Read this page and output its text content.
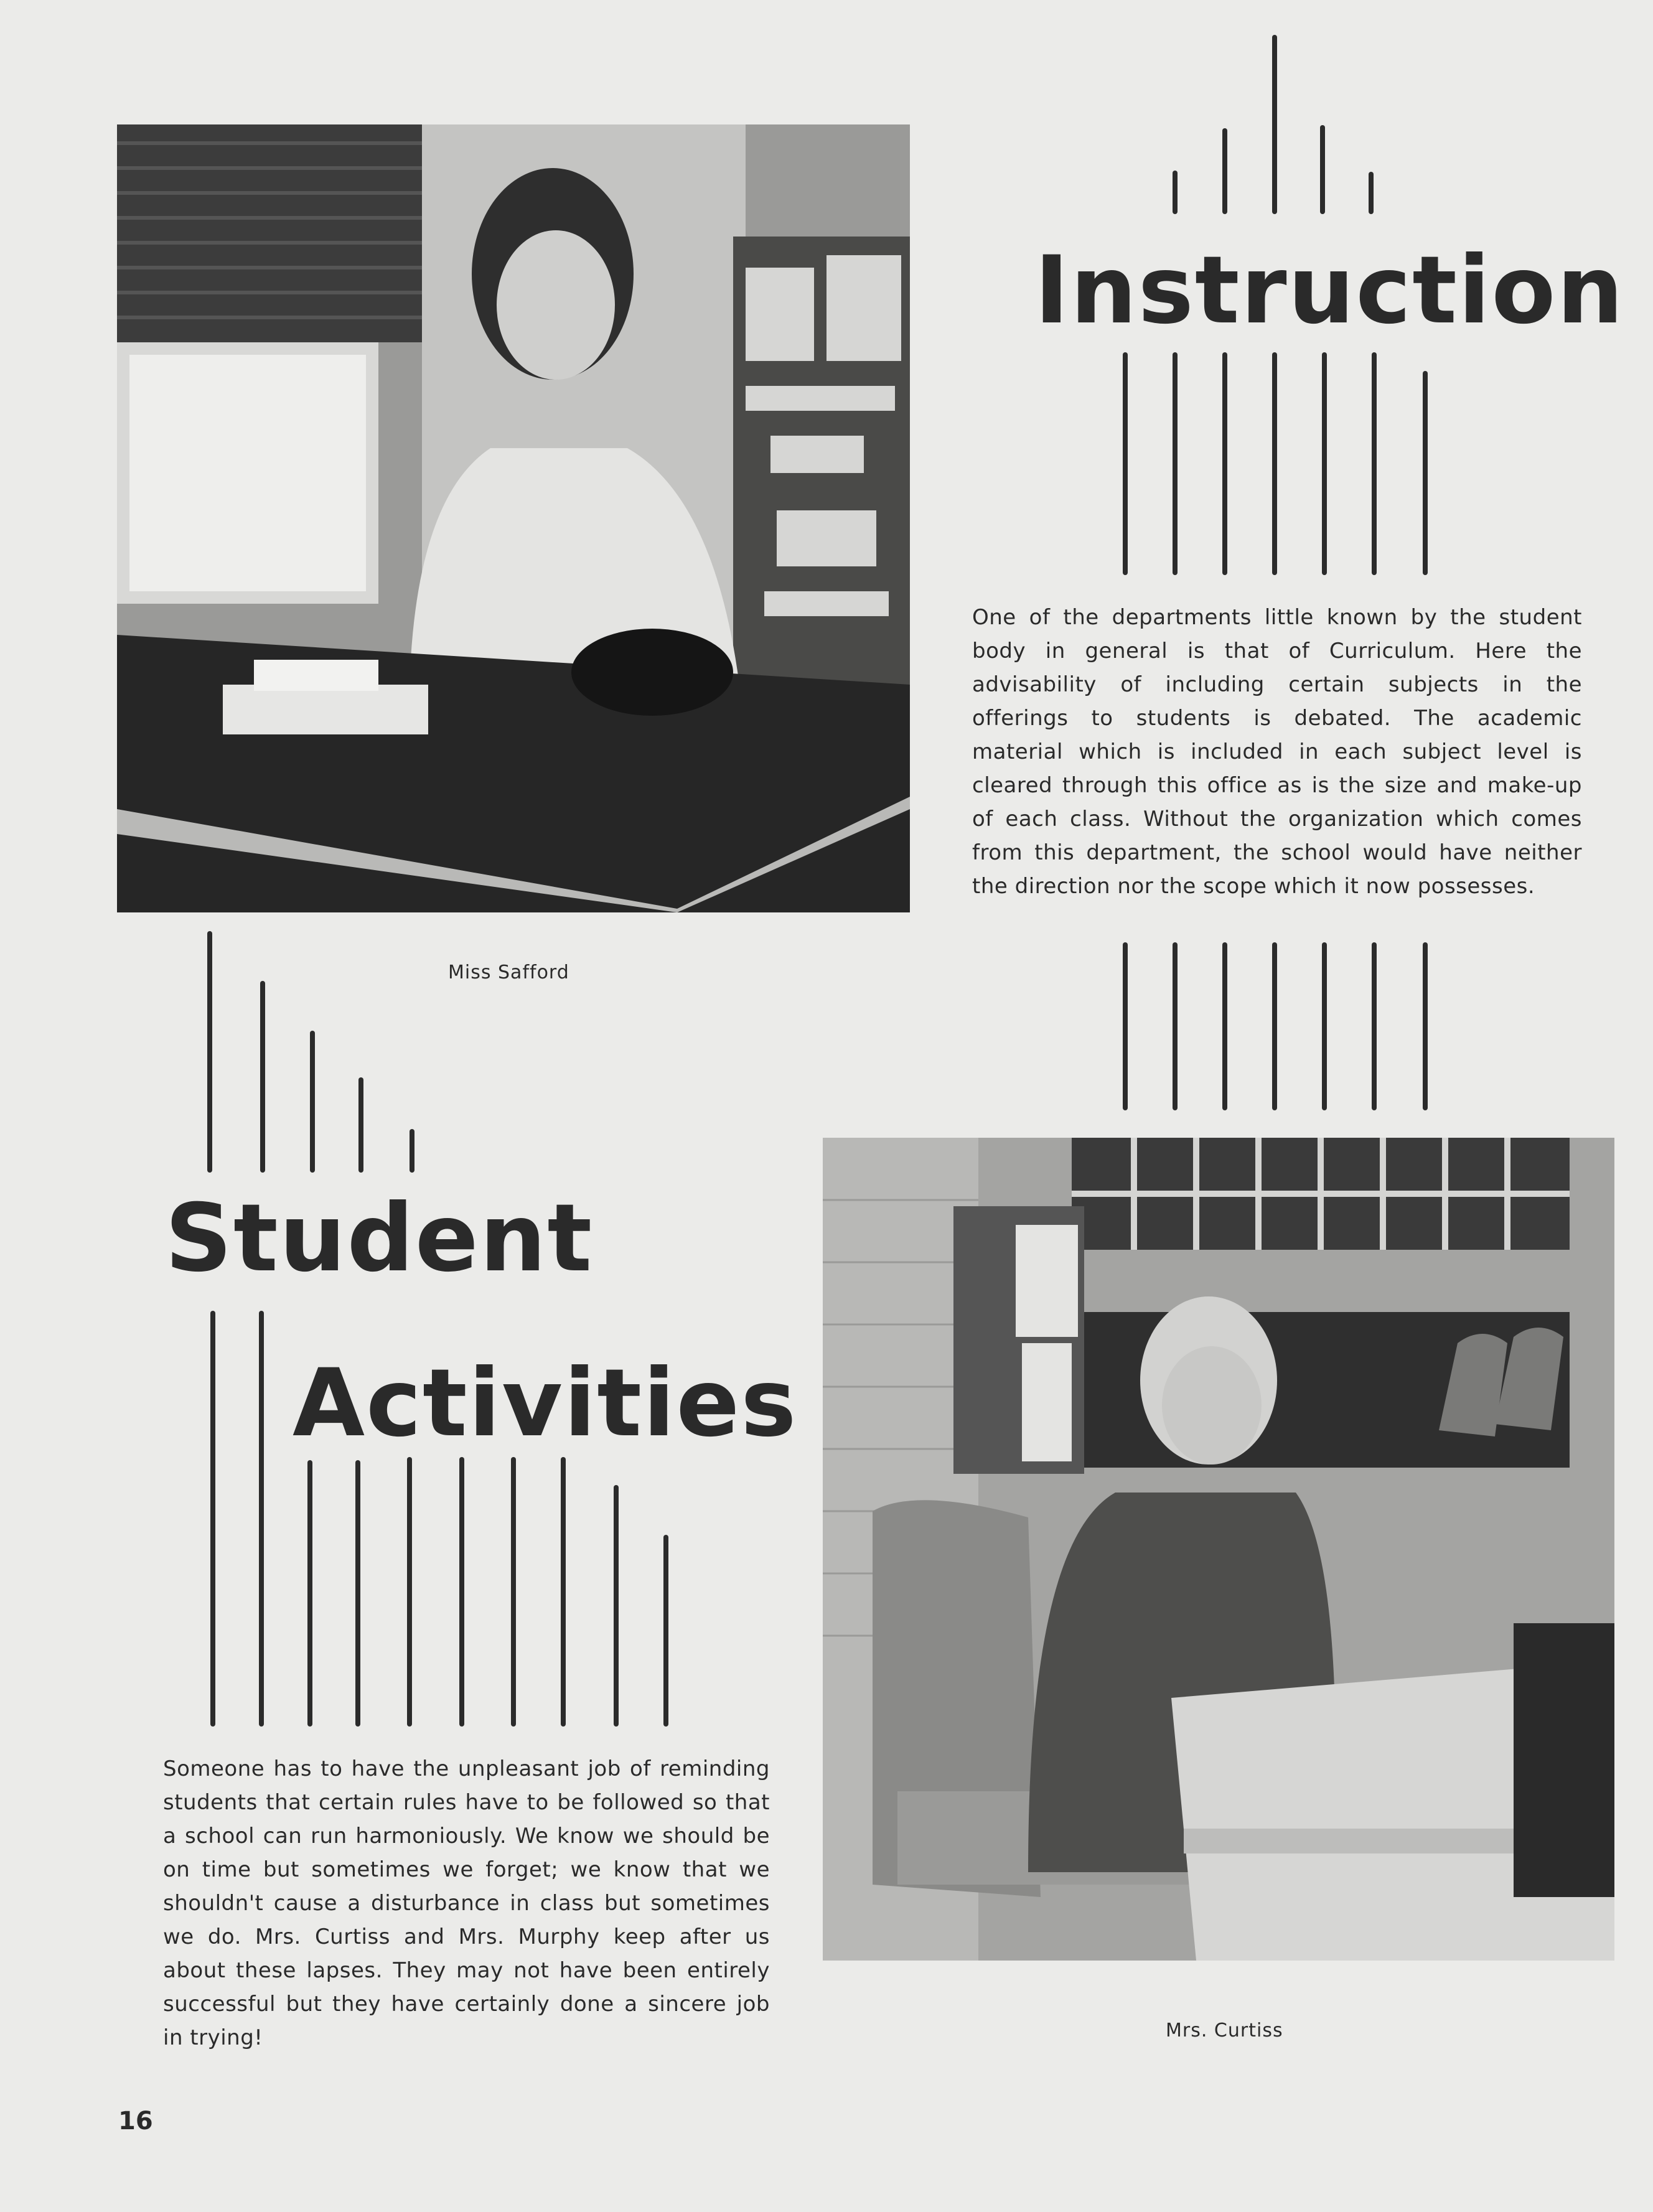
Miss Safford
Instruction
One of the departments little known by the student body in general is that of Curriculum. Here the advisability of including certain subjects in the offerings to students is debated. The academic material which is included in each subject level is cleared through this office as is the size and make-up of each class. Without the organization which comes from this department, the school would have neither the direction nor the scope which it now possesses.
Student
Activities
Someone has to have the unpleasant job of reminding students that certain rules have to be followed so that a school can run harmoniously. We know we should be on time but sometimes we forget; we know that we shouldn't cause a disturbance in class but sometimes we do. Mrs. Curtiss and Mrs. Murphy keep after us about these lapses. They may not have been entirely successful but they have certainly done a sincere job in trying!	Mrs. Curtiss
16
